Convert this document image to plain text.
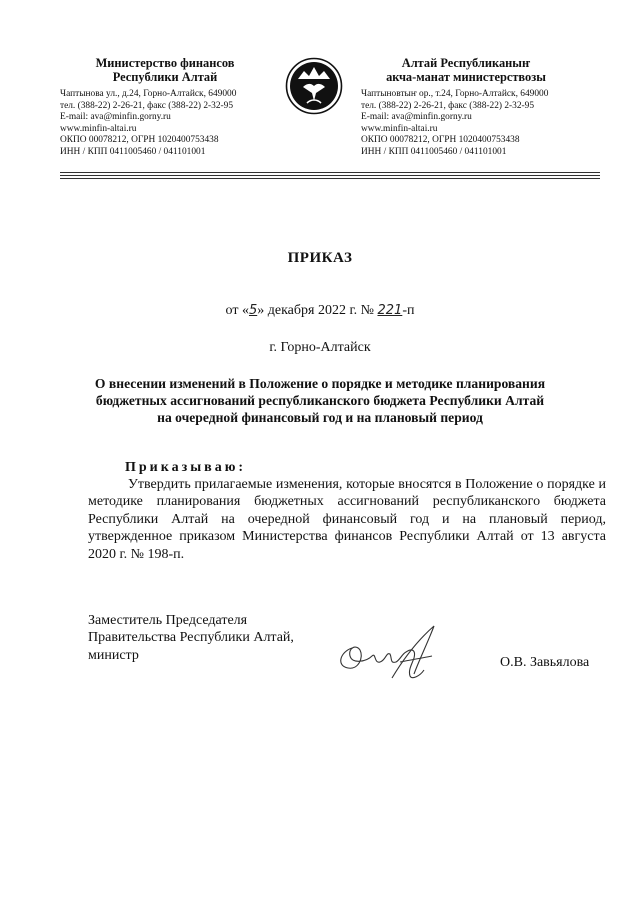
Министерство финансов
Республики Алтай
Чаптынова ул., д.24, Горно-Алтайск, 649000
тел. (388-22) 2-26-21, факс (388-22) 2-32-95
E-mail: ava@minfin.gorny.ru
www.minfin-altai.ru
ОКПО 00078212, ОГРН 1020400753438
ИНН / КПП 0411005460 / 041101001
Алтай Республиканыҥ
акча-манат министерствозы
Чаптыновтыҥ ор., т.24, Горно-Алтайск, 649000
тел. (388-22) 2-26-21, факс (388-22) 2-32-95
E-mail: ava@minfin.gorny.ru
www.minfin-altai.ru
ОКПО 00078212, ОГРН 1020400753438
ИНН / КПП 0411005460 / 041101001
ПРИКАЗ
от «5» декабря 2022 г. № 221-п
г. Горно-Алтайск
О внесении изменений в Положение о порядке и методике планирования
бюджетных ассигнований республиканского бюджета Республики Алтай
на очередной финансовый год и на плановый период
Приказываю:
Утвердить прилагаемые изменения, которые вносятся в Положение о порядке и методике планирования бюджетных ассигнований республиканского бюджета Республики Алтай на очередной финансовый год и на плановый период, утвержденное приказом Министерства финансов Республики Алтай от 13 августа 2020 г. № 198-п.
Заместитель Председателя
Правительства Республики Алтай,
министр	О.В. Завьялова
